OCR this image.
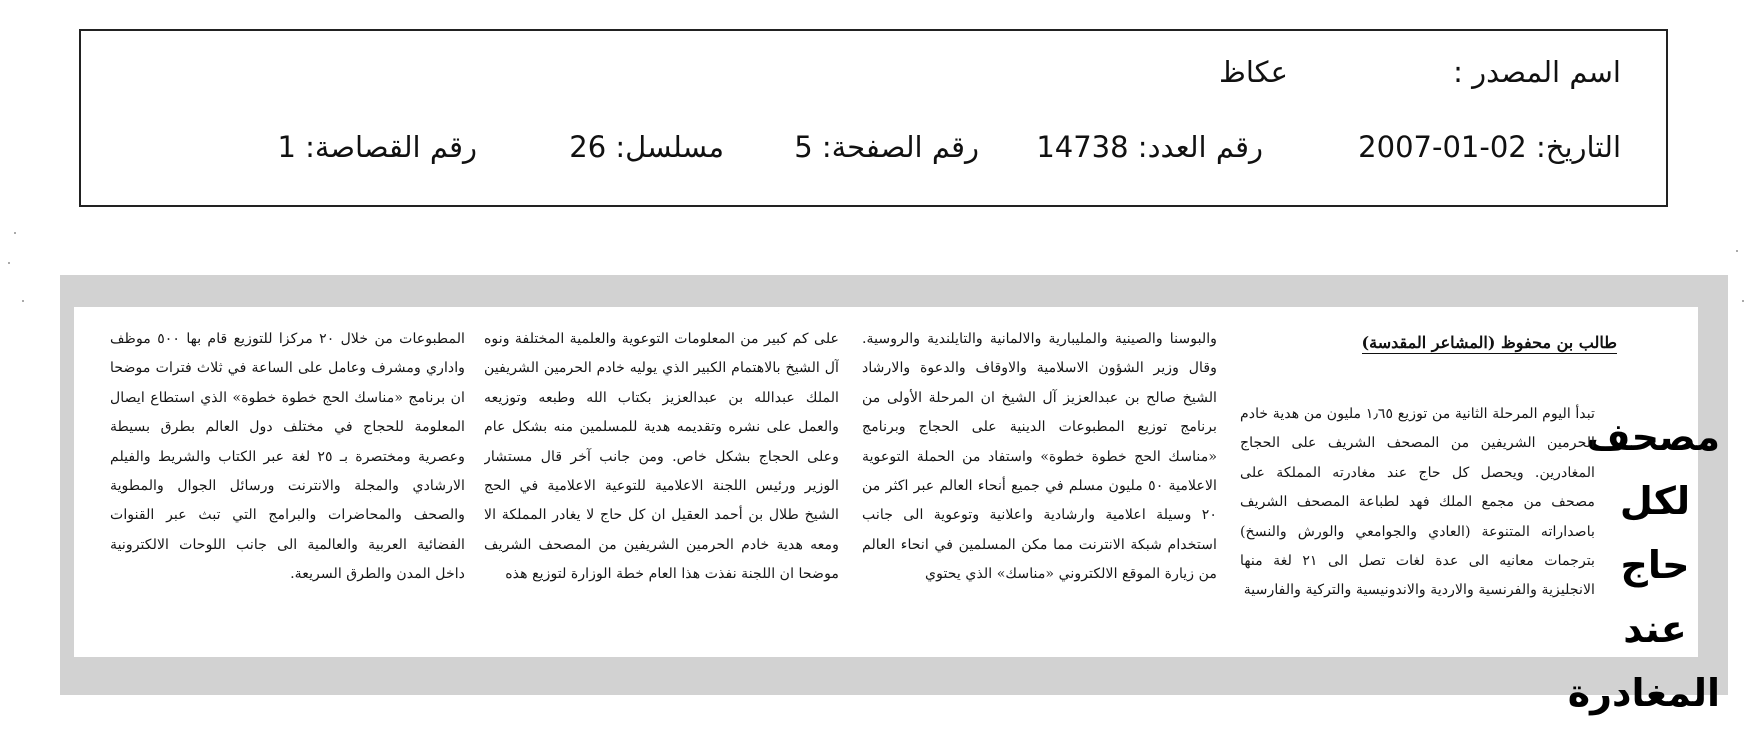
اسم المصدر :
عكاظ
التاريخ: 02-01-2007
رقم العدد: 14738
رقم الصفحة: 5
مسلسل: 26
رقم القصاصة: 1
مصحف لكل حاج عند المغادرة
طالب بن محفوظ (المشاعر المقدسة)
تبدأ اليوم المرحلة الثانية من توزيع ١٫٦٥ مليون من هدية خادم الحرمين الشريفين من المصحف الشريف على الحجاج المغادرين. ويحصل كل حاج عند مغادرته المملكة على مصحف من مجمع الملك فهد لطباعة المصحف الشريف باصداراته المتنوعة (العادي والجوامعي والورش والنسخ) بترجمات معانيه الى عدة لغات تصل الى ٢١ لغة منها الانجليزية والفرنسية والاردية والاندونيسية والتركية والفارسية
والبوسنا والصينية والمليبارية والالمانية والتايلندية والروسية. وقال وزير الشؤون الاسلامية والاوقاف والدعوة والارشاد الشيخ صالح بن عبدالعزيز آل الشيخ ان المرحلة الأولى من برنامج توزيع المطبوعات الدينية على الحجاج وبرنامج «مناسك الحج خطوة خطوة» واستفاد من الحملة التوعوية الاعلامية ٥٠ مليون مسلم في جميع أنحاء العالم عبر اكثر من ٢٠ وسيلة اعلامية وارشادية واعلانية وتوعوية الى جانب استخدام شبكة الانترنت مما مكن المسلمين في انحاء العالم من زيارة الموقع الالكتروني «مناسك» الذي يحتوي
على كم كبير من المعلومات التوعوية والعلمية المختلفة ونوه آل الشيخ بالاهتمام الكبير الذي يوليه خادم الحرمين الشريفين الملك عبدالله بن عبدالعزيز بكتاب الله وطبعه وتوزيعه والعمل على نشره وتقديمه هدية للمسلمين منه بشكل عام وعلى الحجاج بشكل خاص. ومن جانب آخر قال مستشار الوزير ورئيس اللجنة الاعلامية للتوعية الاعلامية في الحج الشيخ طلال بن أحمد العقيل ان كل حاج لا يغادر المملكة الا ومعه هدية خادم الحرمين الشريفين من المصحف الشريف موضحا ان اللجنة نفذت هذا العام خطة الوزارة لتوزيع هذه
المطبوعات من خلال ٢٠ مركزا للتوزيع قام بها ٥٠٠ موظف واداري ومشرف وعامل على الساعة في ثلاث فترات موضحا ان برنامج «مناسك الحج خطوة خطوة» الذي استطاع ايصال المعلومة للحجاج في مختلف دول العالم بطرق بسيطة وعصرية ومختصرة بـ ٢٥ لغة عبر الكتاب والشريط والفيلم الارشادي والمجلة والانترنت ورسائل الجوال والمطوية والصحف والمحاضرات والبرامج التي تبث عبر القنوات الفضائية العربية والعالمية الى جانب اللوحات الالكترونية داخل المدن والطرق السريعة.
